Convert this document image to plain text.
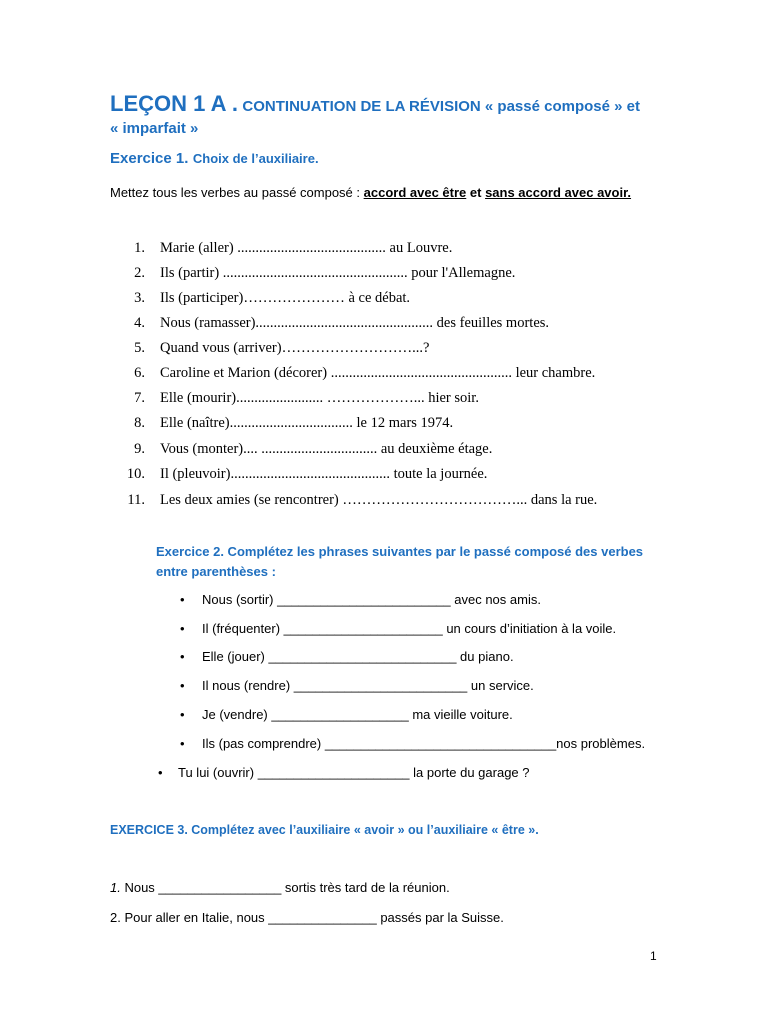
LEÇON 1 A . CONTINUATION DE LA RÉVISION « passé composé » et
« imparfait »
Exercice 1. Choix de l’auxiliaire.
Mettez tous les verbes au passé composé : accord avec être et sans accord avec avoir.
1. Marie (aller) ......................................... au Louvre.
2. Ils (partir) ................................................... pour l'Allemagne.
3. Ils (participer)………………… à ce débat.
4. Nous (ramasser)................................................. des feuilles mortes.
5. Quand vous (arriver)………………………...?
6. Caroline et Marion (décorer) .................................................. leur chambre.
7. Elle (mourir)........................ ………………... hier soir.
8. Elle (naître).................................. le 12 mars 1974.
9. Vous (monter).... ................................ au deuxième étage.
10. Il (pleuvoir)............................................ toute la journée.
11. Les deux amies (se rencontrer) ………………………………... dans la rue.
Exercice 2. Complétez les phrases suivantes par le passé composé des verbes entre parenthèses :
• Nous (sortir) ________________________ avec nos amis.
• Il (fréquenter) ______________________ un cours d’initiation à la voile.
• Elle (jouer) __________________________ du piano.
• Il nous (rendre) ________________________ un service.
• Je (vendre) ___________________ ma vieille voiture.
• Ils (pas comprendre) ________________________________nos problèmes.
• Tu lui (ouvrir) _____________________ la porte du garage ?
EXERCICE 3. Complétez avec l’auxiliaire « avoir » ou l’auxiliaire « être ».
1. Nous _________________ sortis très tard de la réunion.
2. Pour aller en Italie, nous _______________ passés par la Suisse.
1
